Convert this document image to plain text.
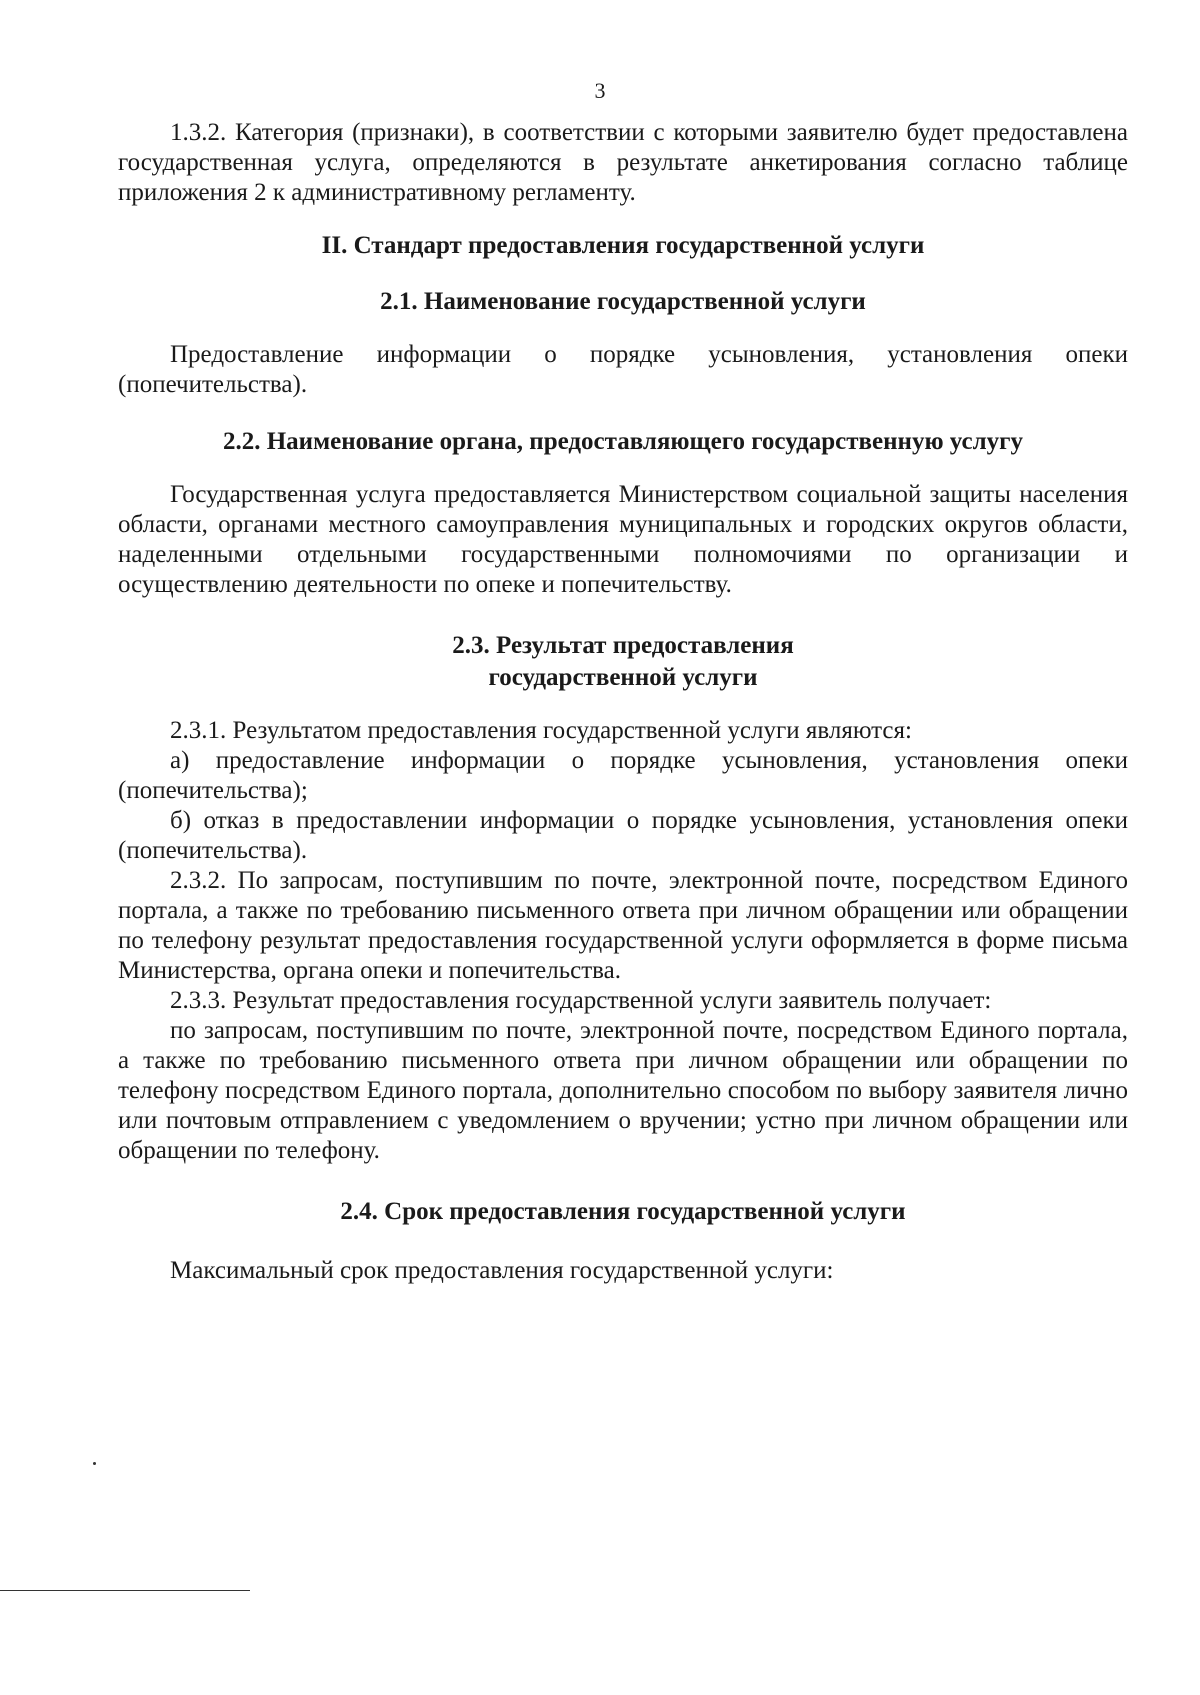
3

1.3.2. Категория (признаки), в соответствии с которыми заявителю будет предоставлена государственная услуга, определяются в результате анкетирования согласно таблице приложения 2 к административному регламенту.

II. Стандарт предоставления государственной услуги
2.1. Наименование государственной услуги

Предоставление информации о порядке усыновления, установления опеки (попечительства).

2.2. Наименование органа, предоставляющего государственную услугу

Государственная услуга предоставляется Министерством социальной защиты населения области, органами местного самоуправления муниципальных и городских округов области, наделенными отдельными государственными полномочиями по организации и осуществлению деятельности по опеке и попечительству.

2.3. Результат предоставления
государственной услуги

2.3.1. Результатом предоставления государственной услуги являются:

а) предоставление информации о порядке усыновления, установления опеки (попечительства);

б) отказ в предоставлении информации о порядке усыновления, установления опеки (попечительства).

2.3.2. По запросам, поступившим по почте, электронной почте, посредством Единого портала, а также по требованию письменного ответа при личном обращении или обращении по телефону результат предоставления государственной услуги оформляется в форме письма Министерства, органа опеки и попечительства.

2.3.3. Результат предоставления государственной услуги заявитель получает:

по запросам, поступившим по почте, электронной почте, посредством Единого портала, а также по требованию письменного ответа при личном обращении или обращении по телефону посредством Единого портала, дополнительно способом по выбору заявителя лично или почтовым отправлением с уведомлением о вручении; устно при личном обращении или обращении по телефону.

2.4. Срок предоставления государственной услуги

Максимальный срок предоставления государственной услуги:
